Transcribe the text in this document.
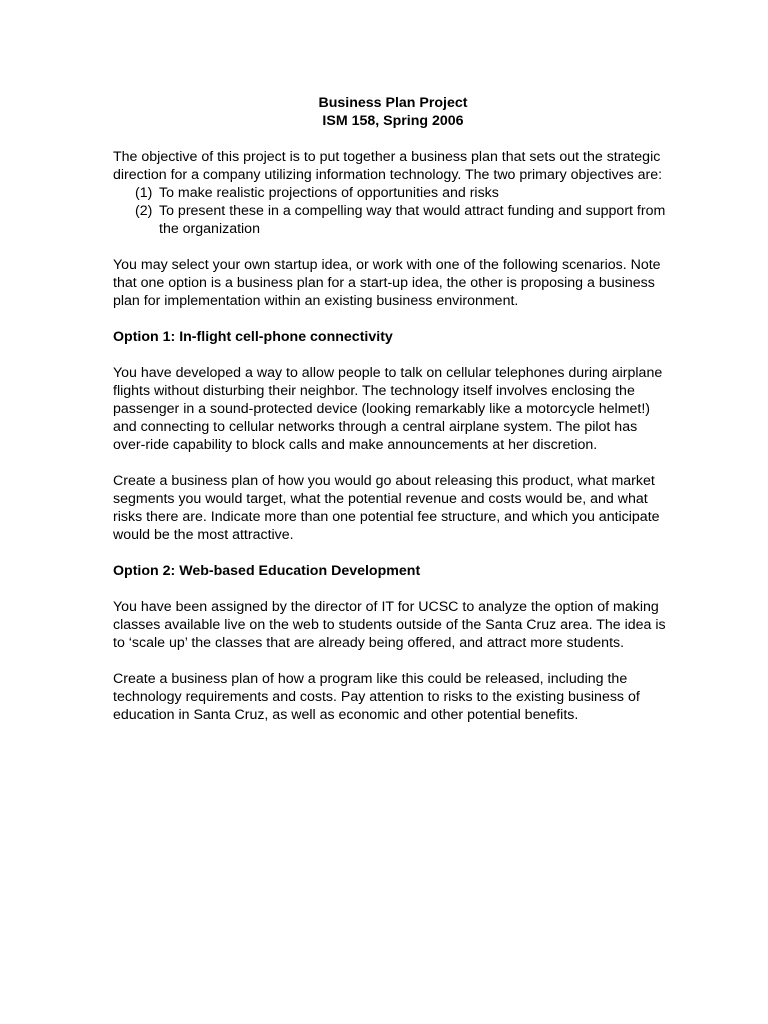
Business Plan Project
ISM 158, Spring 2006

The objective of this project is to put together a business plan that sets out the strategic direction for a company utilizing information technology. The two primary objectives are:

(1) To make realistic projections of opportunities and risks
(2) To present these in a compelling way that would attract funding and support from the organization

You may select your own startup idea, or work with one of the following scenarios. Note that one option is a business plan for a start-up idea, the other is proposing a business plan for implementation within an existing business environment.

Option 1: In-flight cell-phone connectivity

You have developed a way to allow people to talk on cellular telephones during airplane flights without disturbing their neighbor. The technology itself involves enclosing the passenger in a sound-protected device (looking remarkably like a motorcycle helmet!) and connecting to cellular networks through a central airplane system. The pilot has over-ride capability to block calls and make announcements at her discretion.

Create a business plan of how you would go about releasing this product, what market segments you would target, what the potential revenue and costs would be, and what risks there are. Indicate more than one potential fee structure, and which you anticipate would be the most attractive.

Option 2: Web-based Education Development

You have been assigned by the director of IT for UCSC to analyze the option of making classes available live on the web to students outside of the Santa Cruz area. The idea is to ‘scale up’ the classes that are already being offered, and attract more students.

Create a business plan of how a program like this could be released, including the technology requirements and costs. Pay attention to risks to the existing business of education in Santa Cruz, as well as economic and other potential benefits.
